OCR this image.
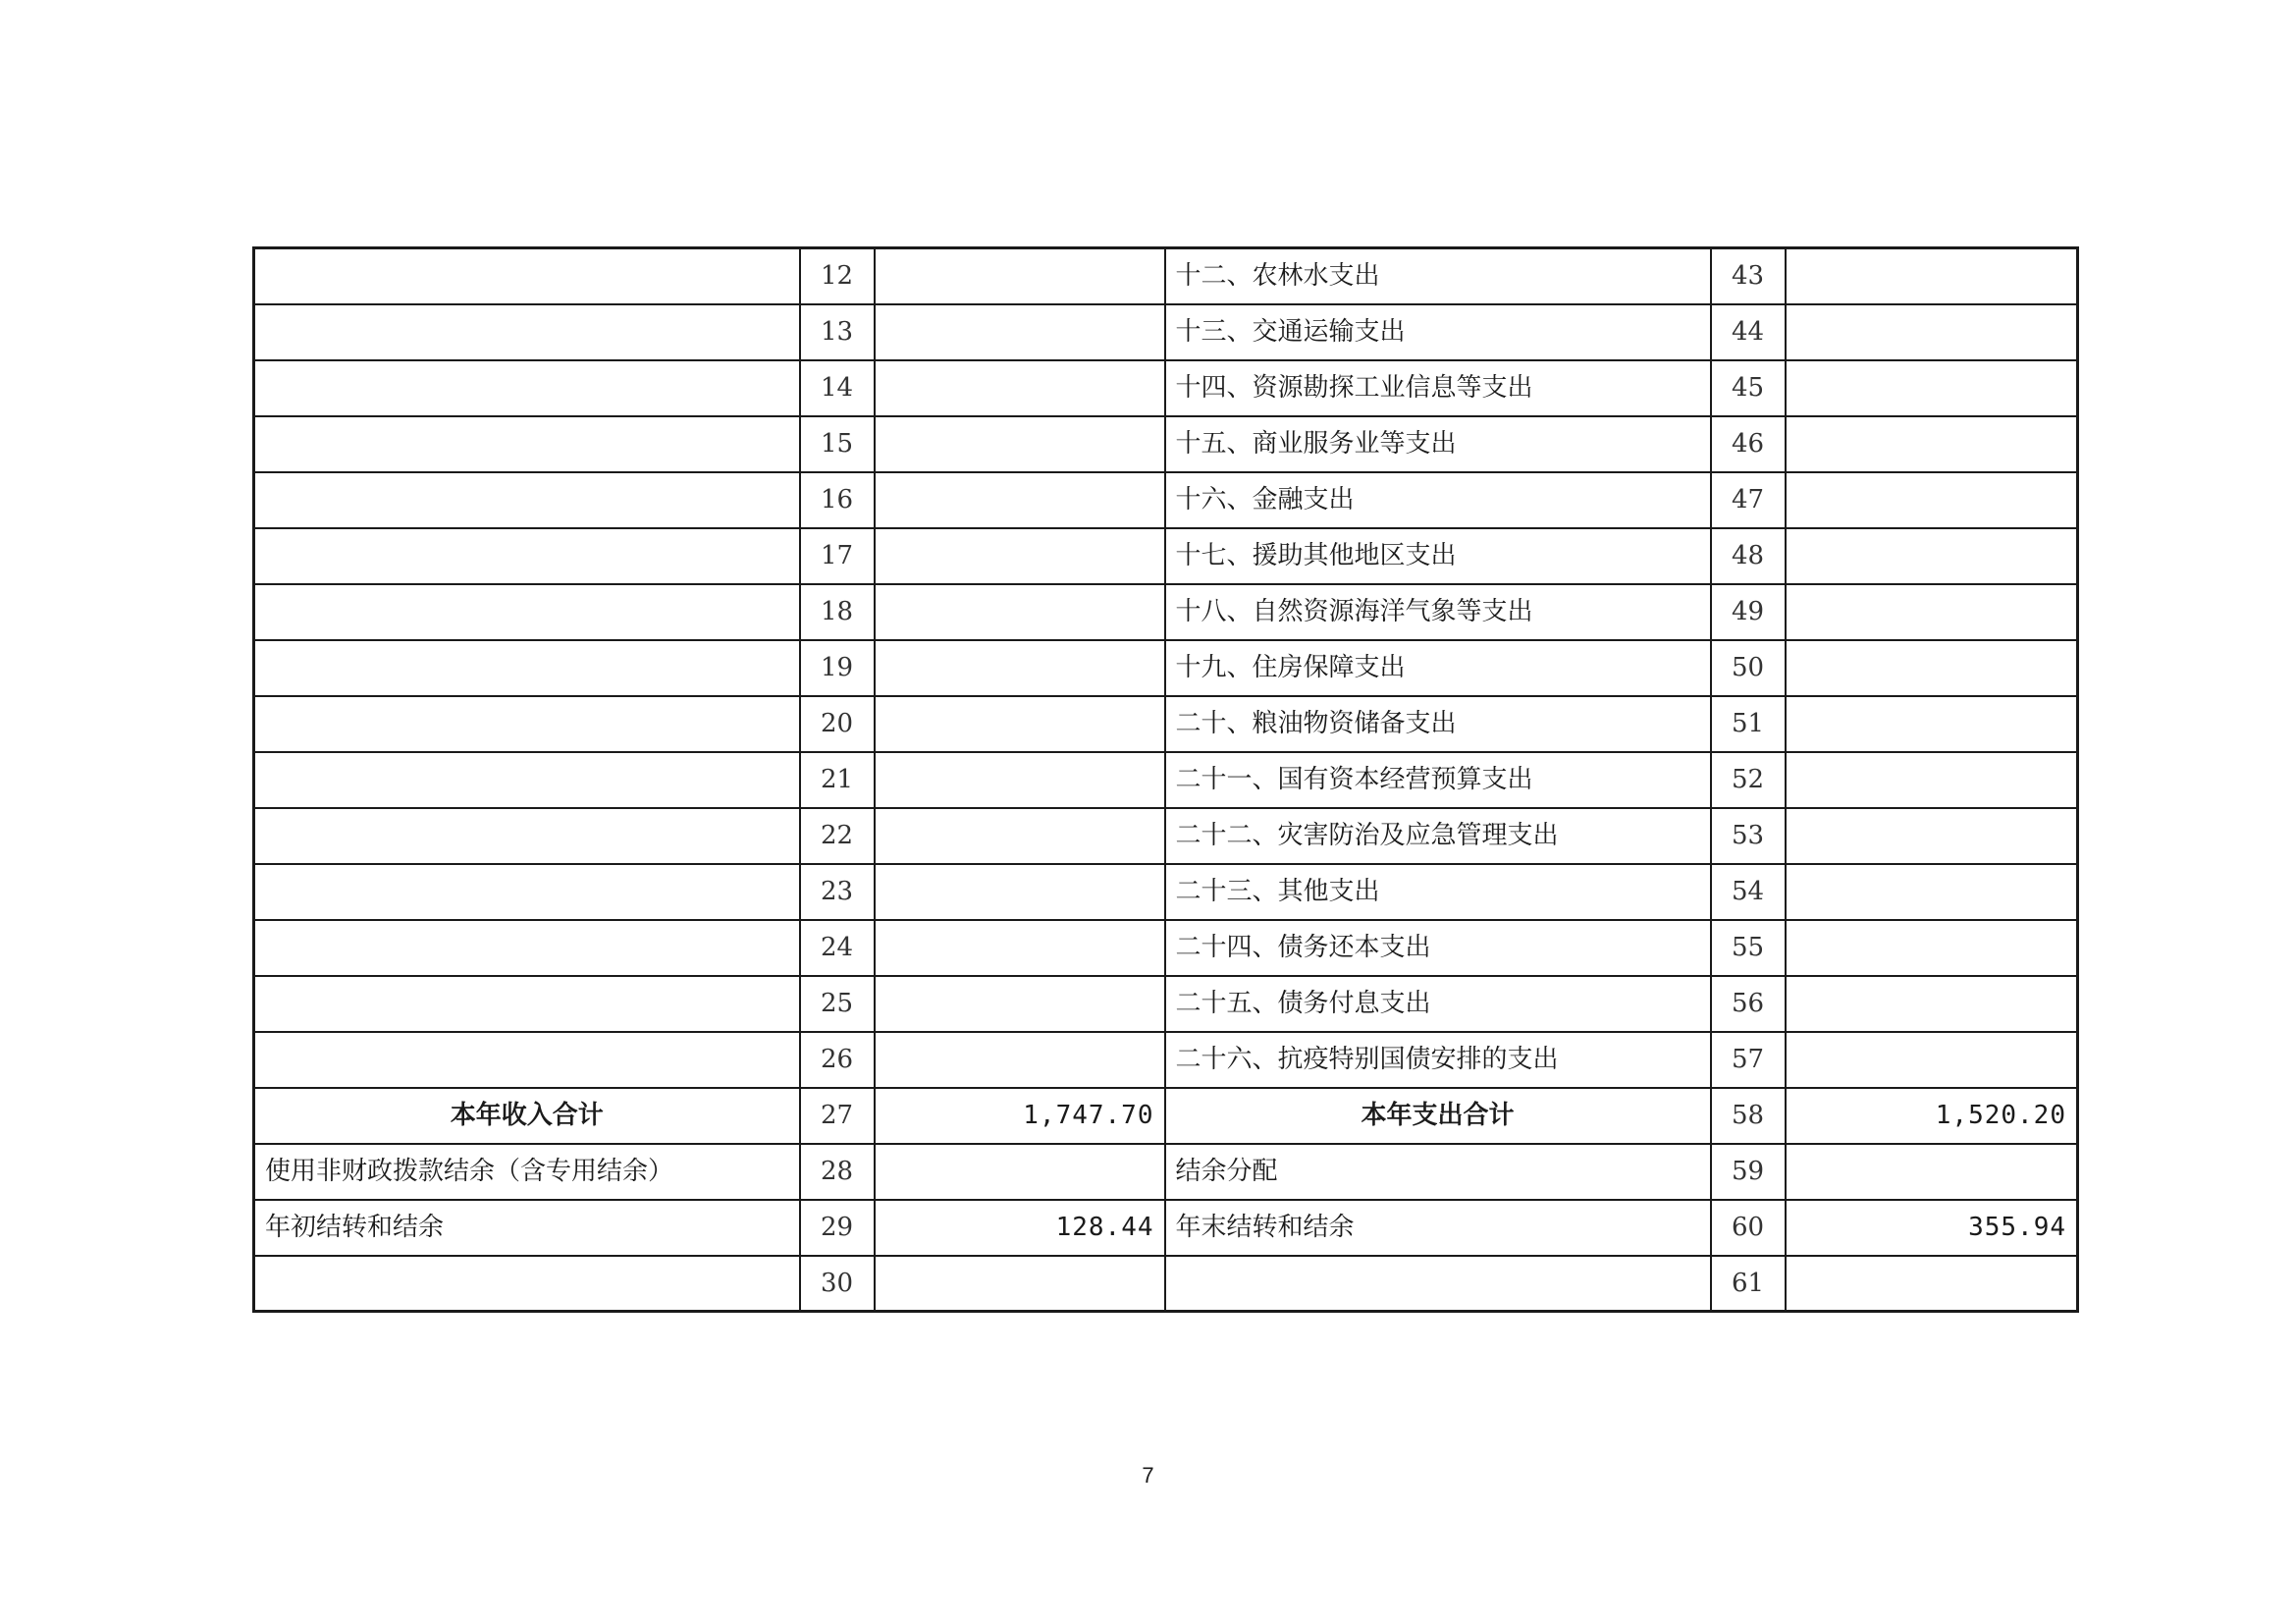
	12		十二、农林水支出	43	
	13		十三、交通运输支出	44	
	14		十四、资源勘探工业信息等支出	45	
	15		十五、商业服务业等支出	46	
	16		十六、金融支出	47	
	17		十七、援助其他地区支出	48	
	18		十八、自然资源海洋气象等支出	49	
	19		十九、住房保障支出	50	
	20		二十、粮油物资储备支出	51	
	21		二十一、国有资本经营预算支出	52	
	22		二十二、灾害防治及应急管理支出	53	
	23		二十三、其他支出	54	
	24		二十四、债务还本支出	55	
	25		二十五、债务付息支出	56	
	26		二十六、抗疫特别国债安排的支出	57	
本年收入合计	27	1,747.70	本年支出合计	58	1,520.20
使用非财政拨款结余（含专用结余）	28		结余分配	59	
年初结转和结余	29	128.44	年末结转和结余	60	355.94
	30			61	
7
